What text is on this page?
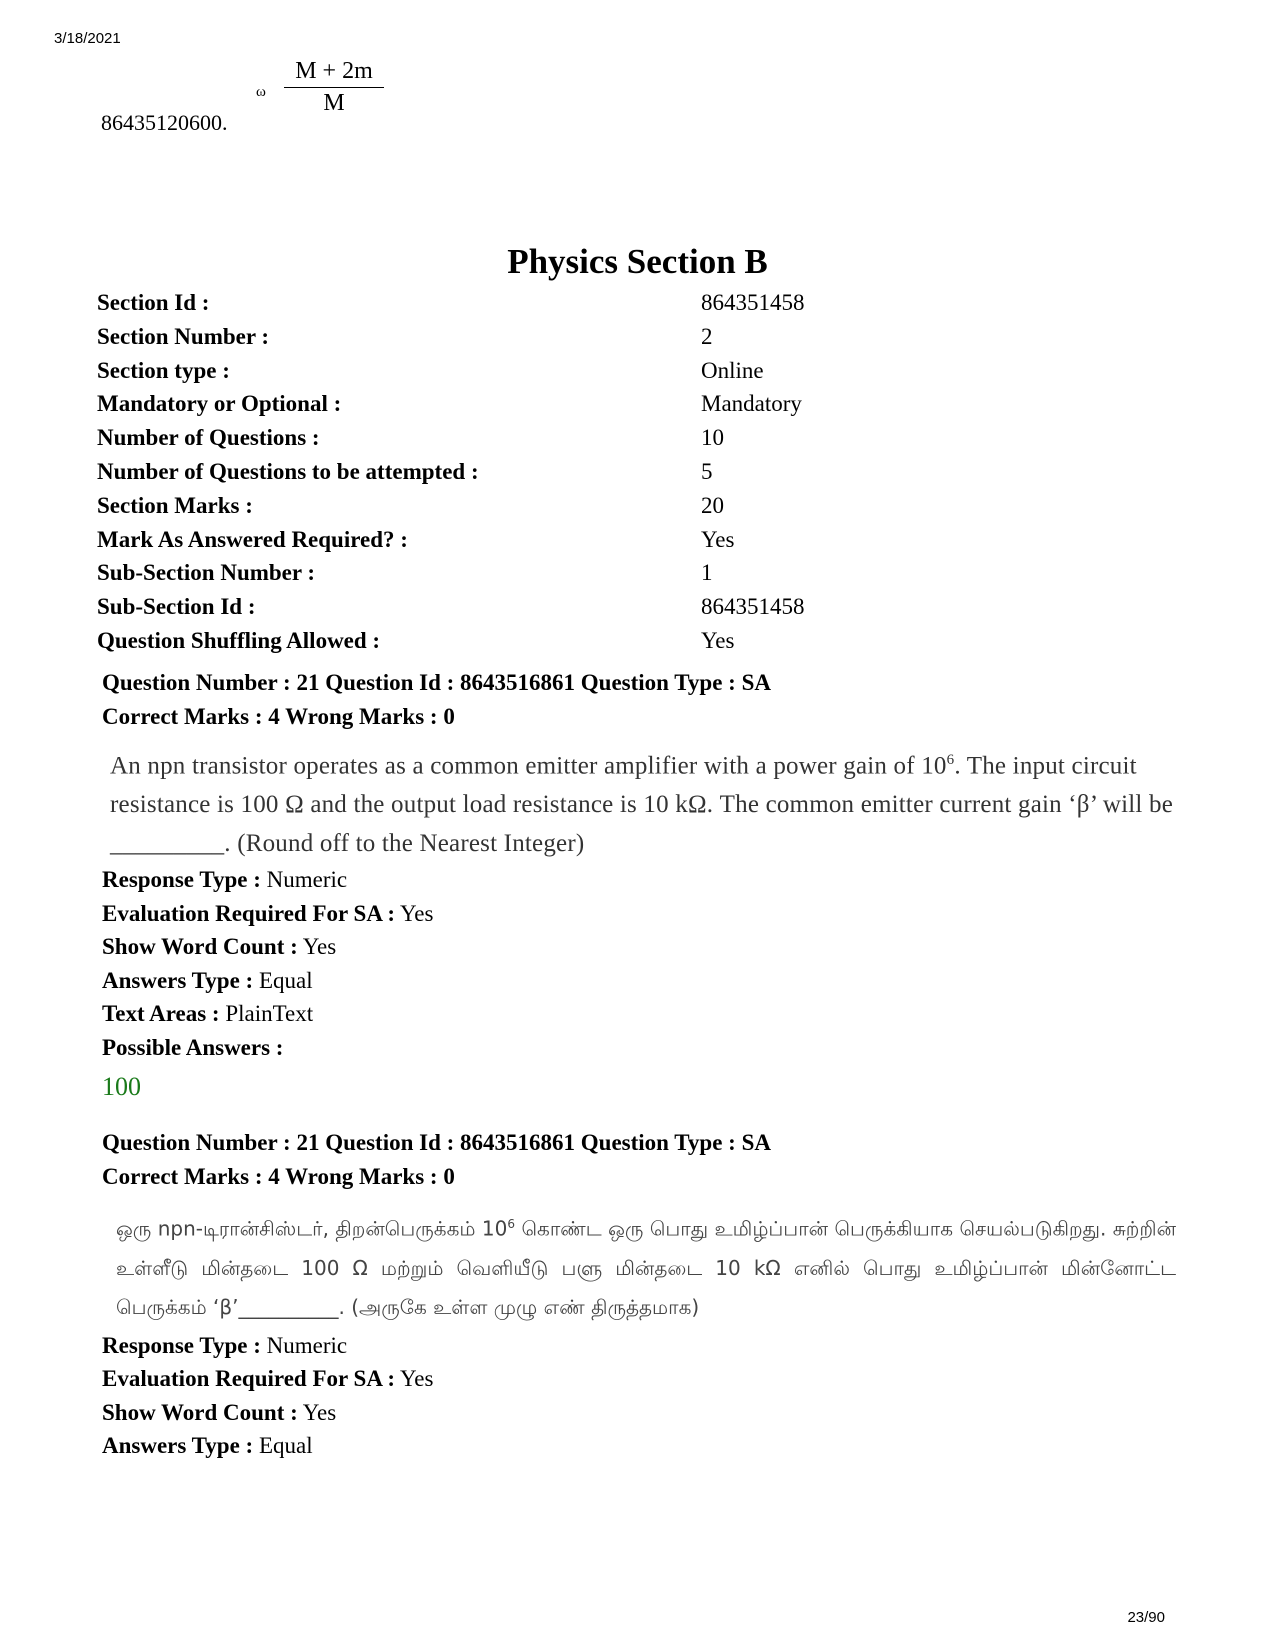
3/18/2021
86435120600.
ω $\frac{M + 2m}{M}$
Physics Section B
Section Id :	864351458
Section Number :	2
Section type :	Online
Mandatory or Optional :	Mandatory
Number of Questions :	10
Number of Questions to be attempted :	5
Section Marks :	20
Mark As Answered Required? :	Yes
Sub-Section Number :	1
Sub-Section Id :	864351458
Question Shuffling Allowed :	Yes
Question Number : 21 Question Id : 8643516861 Question Type : SA
Correct Marks : 4 Wrong Marks : 0
An npn transistor operates as a common emitter amplifier with a power gain of $10^6$. The input circuit resistance is 100 Ω and the output load resistance is 10 kΩ. The common emitter current gain ‘β’ will be _________. (Round off to the Nearest Integer)
Response Type : Numeric
Evaluation Required For SA : Yes
Show Word Count : Yes
Answers Type : Equal
Text Areas : PlainText
Possible Answers :
100
Question Number : 21 Question Id : 8643516861 Question Type : SA
Correct Marks : 4 Wrong Marks : 0
ஒரு npn-டிரான்சிஸ்டர், திறன்பெருக்கம் $10^6$ கொண்ட ஒரு பொது உமிழ்ப்பான் பெருக்கியாக செயல்படுகிறது. சுற்றின் உள்ளீடு மின்தடை 100 Ω மற்றும் வெளியீடு பளு மின்தடை 10 kΩ எனில் பொது உமிழ்ப்பான் மின்னோட்ட பெருக்கம் ‘β’__________. (அருகே உள்ள முழு எண் திருத்தமாக)
Response Type : Numeric
Evaluation Required For SA : Yes
Show Word Count : Yes
Answers Type : Equal
23/90
